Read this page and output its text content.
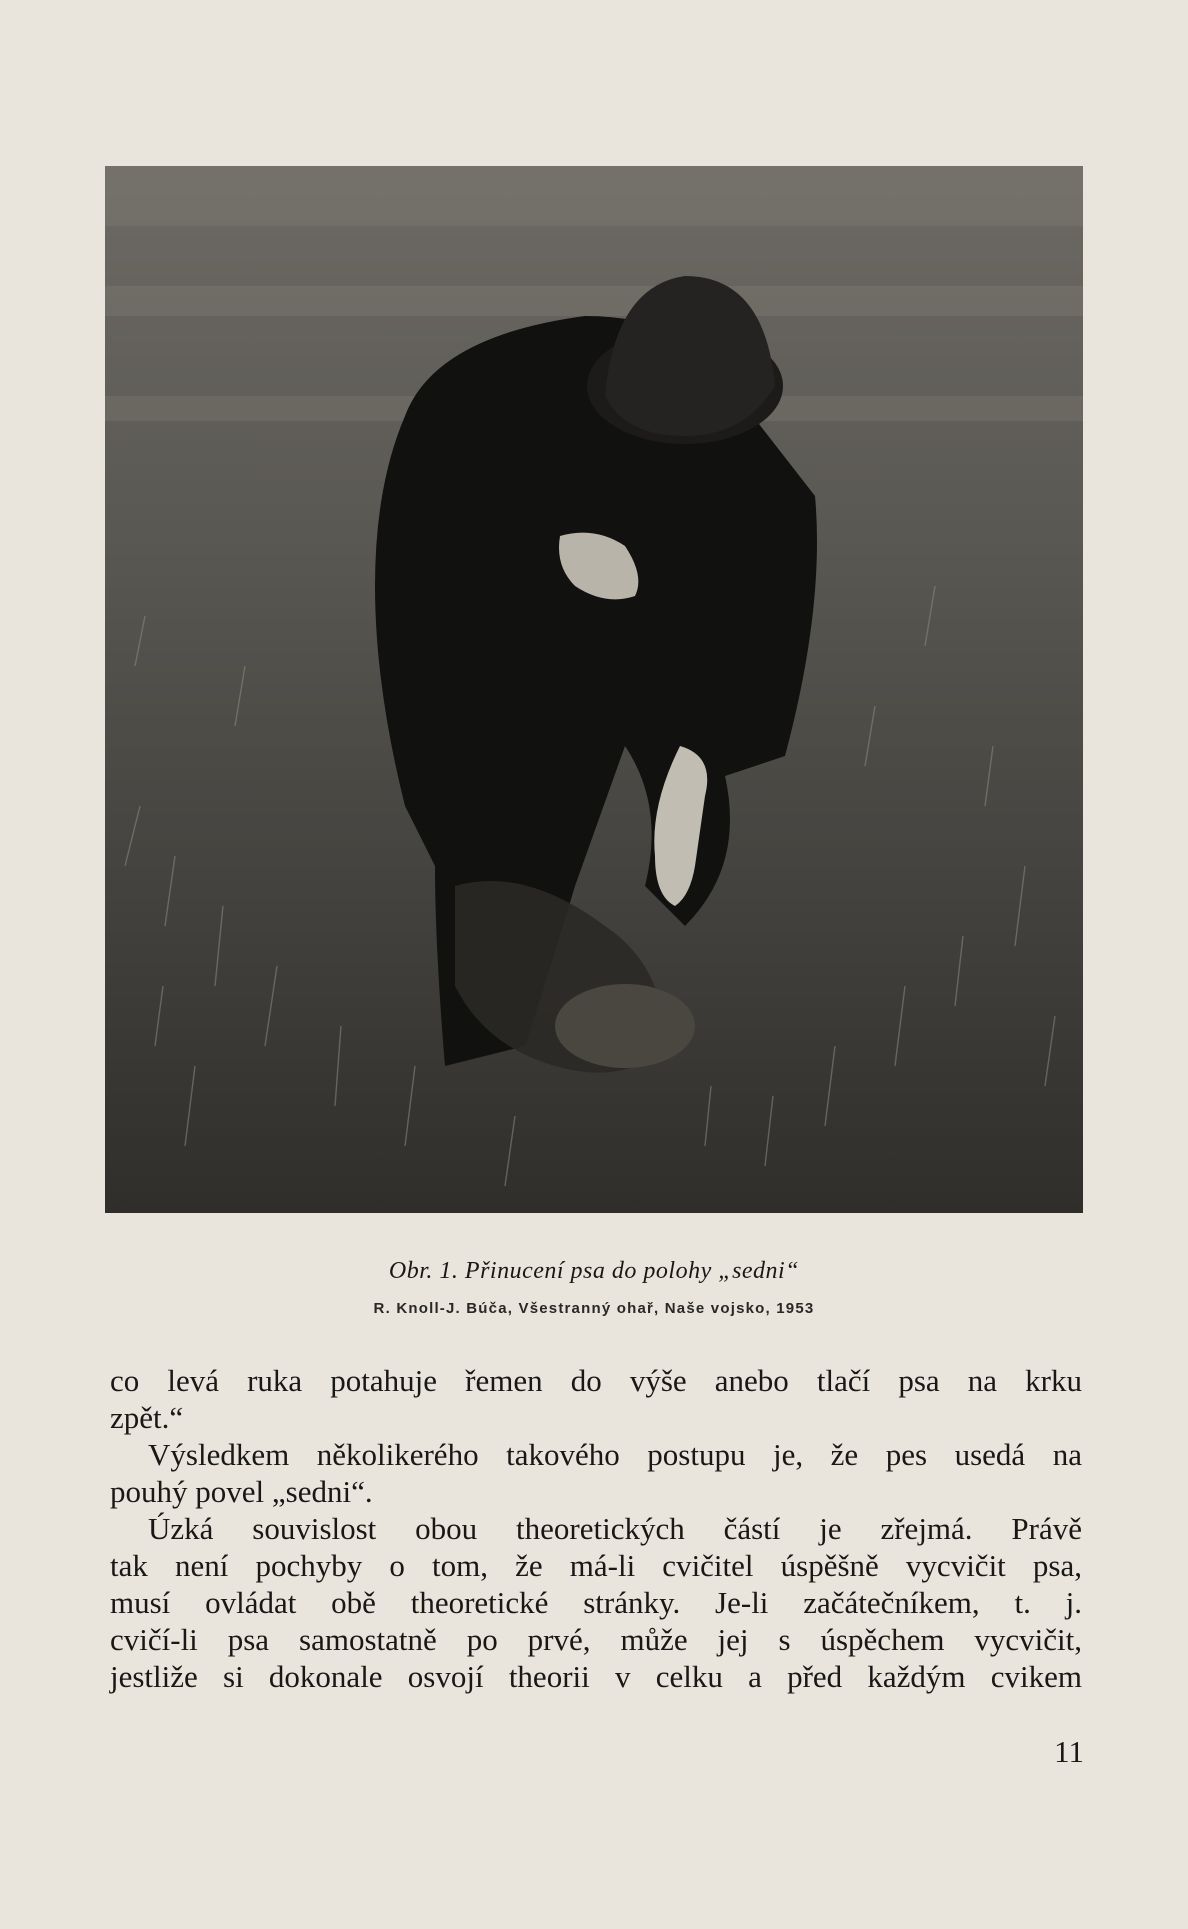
Obr. 1. Přinucení psa do polohy „sedni“
R. Knoll-J. Búča, Všestranný ohař, Naše vojsko, 1953
co levá ruka potahuje řemen do výše anebo tlačí psa na krku
zpět.“
Výsledkem několikerého takového postupu je, že pes usedá na
pouhý povel „sedni“.
Úzká souvislost obou theoretických částí je zřejmá. Právě
tak není pochyby o tom, že má-li cvičitel úspěšně vycvičit psa,
musí ovládat obě theoretické stránky. Je-li začátečníkem, t. j.
cvičí-li psa samostatně po prvé, může jej s úspěchem vycvičit,
jestliže si dokonale osvojí theorii v celku a před každým cvikem
11
